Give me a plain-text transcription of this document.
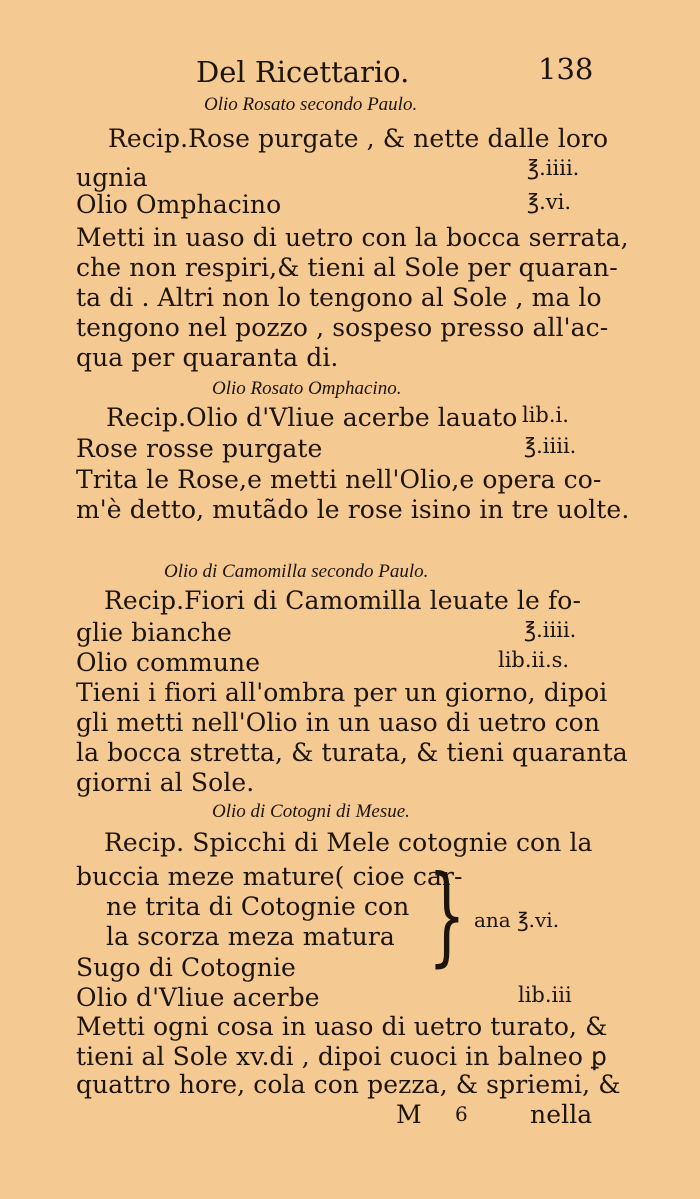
Del Ricettario.	138
Olio Rosato secondo Paulo.
Recip.Rose purgate , & nette dalle loro
ugnia	℥.iiii.
Olio Omphacino	℥.vi.
Metti in uaso di uetro con la bocca serrata,
che non respiri,& tieni al Sole per quaran-
ta di . Altri non lo tengono al Sole , ma lo
tengono nel pozzo , sospeso presso all'ac-
qua per quaranta di.
Olio Rosato Omphacino.
Recip.Olio d'Vliue acerbe lauato lib.i.
Rose rosse purgate	℥.iiii.
Trita le Rose,e metti nell'Olio,e opera co-
m'è detto, mutãdo le rose isino in tre uolte.
Olio di Camomilla secondo Paulo.
Recip.Fiori di Camomilla leuate le fo-
glie bianche	℥.iiii.
Olio commune	lib.ii.s.
Tieni i fiori all'ombra per un giorno, dipoi
gli metti nell'Olio in un uaso di uetro con
la bocca stretta, & turata, & tieni quaranta
giorni al Sole.
Olio di Cotogni di Mesue.
Recip. Spicchi di Mele cotognie con la
buccia meze mature( cioe car-
ne trita di Cotognie con
la scorza meza matura
Sugo di Cotognie
Olio d'Vliue acerbe	lib.iii
Metti ogni cosa in uaso di uetro turato, &
tieni al Sole xv.di , dipoi cuoci in balneo ꝑ
quattro hore, cola con pezza, & spriemi, &
} ana ℥.vi.
M 6 nella
